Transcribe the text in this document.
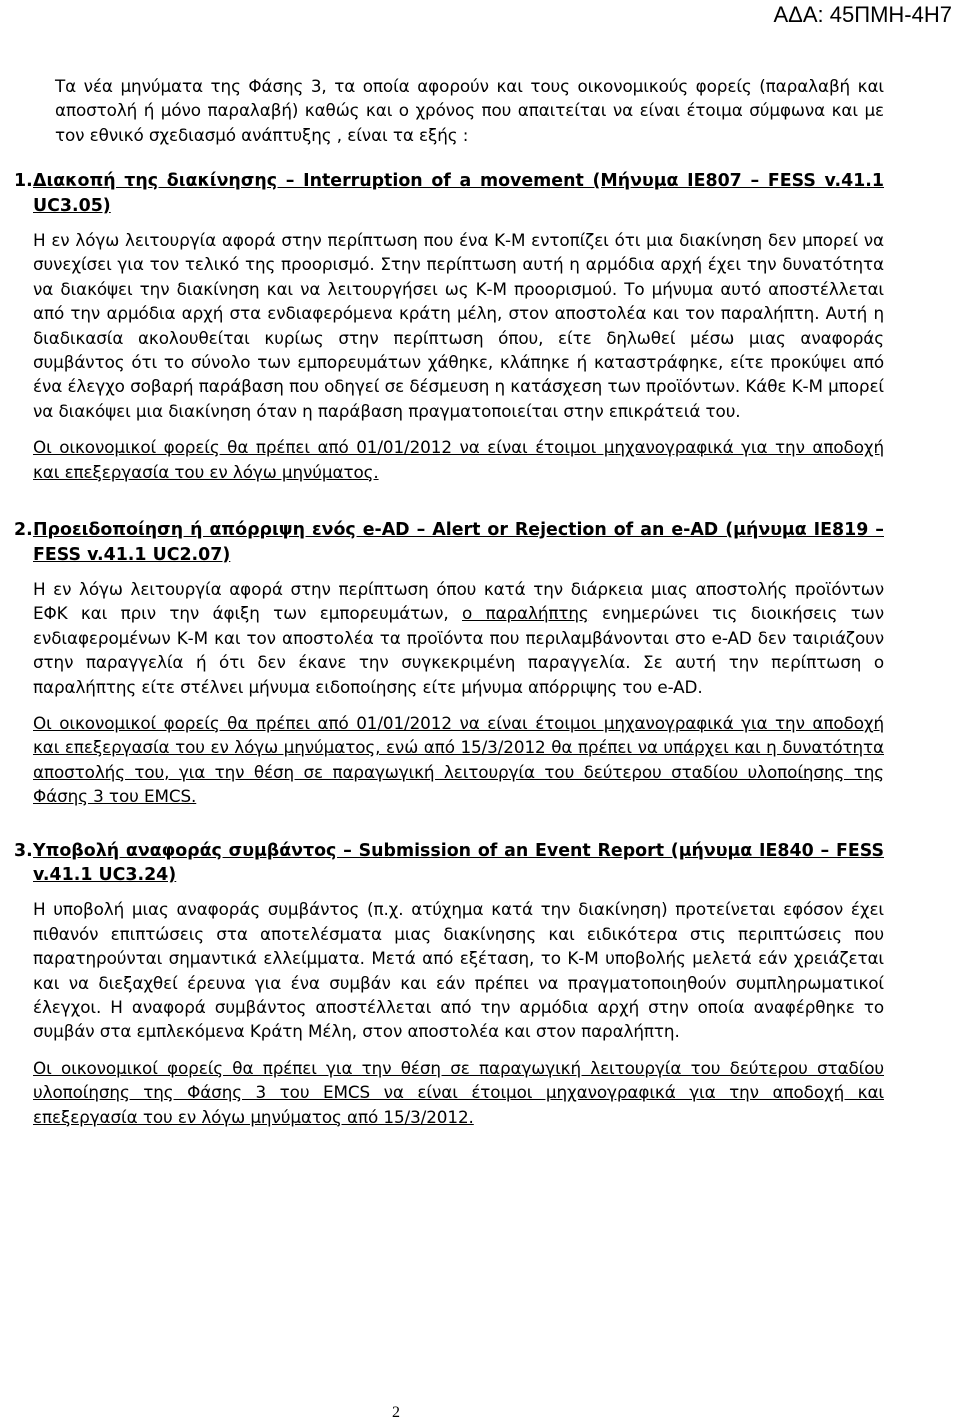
ΑΔΑ: 45ΠΜΗ-4Η7

Τα νέα μηνύματα της Φάσης 3, τα οποία αφορούν και τους οικονομικούς φορείς (παραλαβή και αποστολή ή μόνο παραλαβή) καθώς και ο χρόνος που απαιτείται να είναι έτοιμα σύμφωνα και με τον εθνικό σχεδιασμό ανάπτυξης , είναι τα εξής :

1. Διακοπή της διακίνησης – Interruption of a movement (Μήνυμα IE807 – FESS v.41.1 UC3.05)

Η εν λόγω λειτουργία αφορά στην περίπτωση που ένα Κ-Μ εντοπίζει ότι μια διακίνηση δεν μπορεί να συνεχίσει για τον τελικό της προορισμό. Στην περίπτωση αυτή η αρμόδια αρχή έχει την δυνατότητα να διακόψει την διακίνηση και να λειτουργήσει ως Κ-Μ προορισμού. Το μήνυμα αυτό αποστέλλεται από την αρμόδια αρχή στα ενδιαφερόμενα κράτη μέλη, στον αποστολέα και τον παραλήπτη. Αυτή η διαδικασία ακολουθείται κυρίως στην περίπτωση όπου, είτε δηλωθεί μέσω μιας αναφοράς συμβάντος ότι το σύνολο των εμπορευμάτων χάθηκε, κλάπηκε ή καταστράφηκε, είτε προκύψει από ένα έλεγχο σοβαρή παράβαση που οδηγεί σε δέσμευση η κατάσχεση των προϊόντων. Κάθε Κ-Μ μπορεί να διακόψει μια διακίνηση όταν η παράβαση πραγματοποιείται στην επικράτειά του.

Οι οικονομικοί φορείς θα πρέπει από 01/01/2012 να είναι έτοιμοι μηχανογραφικά για την αποδοχή και επεξεργασία του εν λόγω μηνύματος.

2. Προειδοποίηση ή απόρριψη ενός e-AD – Alert or Rejection of an e-AD (μήνυμα IE819 – FESS v.41.1 UC2.07)

Η εν λόγω λειτουργία αφορά στην περίπτωση όπου κατά την διάρκεια μιας αποστολής προϊόντων ΕΦΚ και πριν την άφιξη των εμπορευμάτων, ο παραλήπτης ενημερώνει τις διοικήσεις των ενδιαφερομένων Κ-Μ και τον αποστολέα τα προϊόντα που περιλαμβάνονται στο e-AD δεν ταιριάζουν στην παραγγελία ή ότι δεν έκανε την συγκεκριμένη παραγγελία. Σε αυτή την περίπτωση ο παραλήπτης είτε στέλνει μήνυμα ειδοποίησης είτε μήνυμα απόρριψης του e-AD.

Οι οικονομικοί φορείς θα πρέπει από 01/01/2012 να είναι έτοιμοι μηχανογραφικά για την αποδοχή και επεξεργασία του εν λόγω μηνύματος, ενώ από 15/3/2012 θα πρέπει να υπάρχει και η δυνατότητα αποστολής του, για την θέση σε παραγωγική λειτουργία του δεύτερου σταδίου υλοποίησης της Φάσης 3 του EMCS.

3. Υποβολή αναφοράς συμβάντος – Submission of an Event Report (μήνυμα IE840 – FESS v.41.1 UC3.24)

Η υποβολή μιας αναφοράς συμβάντος (π.χ. ατύχημα κατά την διακίνηση) προτείνεται εφόσον έχει πιθανόν επιπτώσεις στα αποτελέσματα μιας διακίνησης και ειδικότερα στις περιπτώσεις που παρατηρούνται σημαντικά ελλείμματα. Μετά από εξέταση, το Κ-Μ υποβολής μελετά εάν χρειάζεται και να διεξαχθεί έρευνα για ένα συμβάν και εάν πρέπει να πραγματοποιηθούν συμπληρωματικοί έλεγχοι. Η αναφορά συμβάντος αποστέλλεται από την αρμόδια αρχή στην οποία αναφέρθηκε το συμβάν στα εμπλεκόμενα Κράτη Μέλη, στον αποστολέα και στον παραλήπτη.

Οι οικονομικοί φορείς θα πρέπει για την θέση σε παραγωγική λειτουργία του δεύτερου σταδίου υλοποίησης της Φάσης 3 του EMCS να είναι έτοιμοι μηχανογραφικά για την αποδοχή και επεξεργασία του εν λόγω μηνύματος από 15/3/2012.

2
